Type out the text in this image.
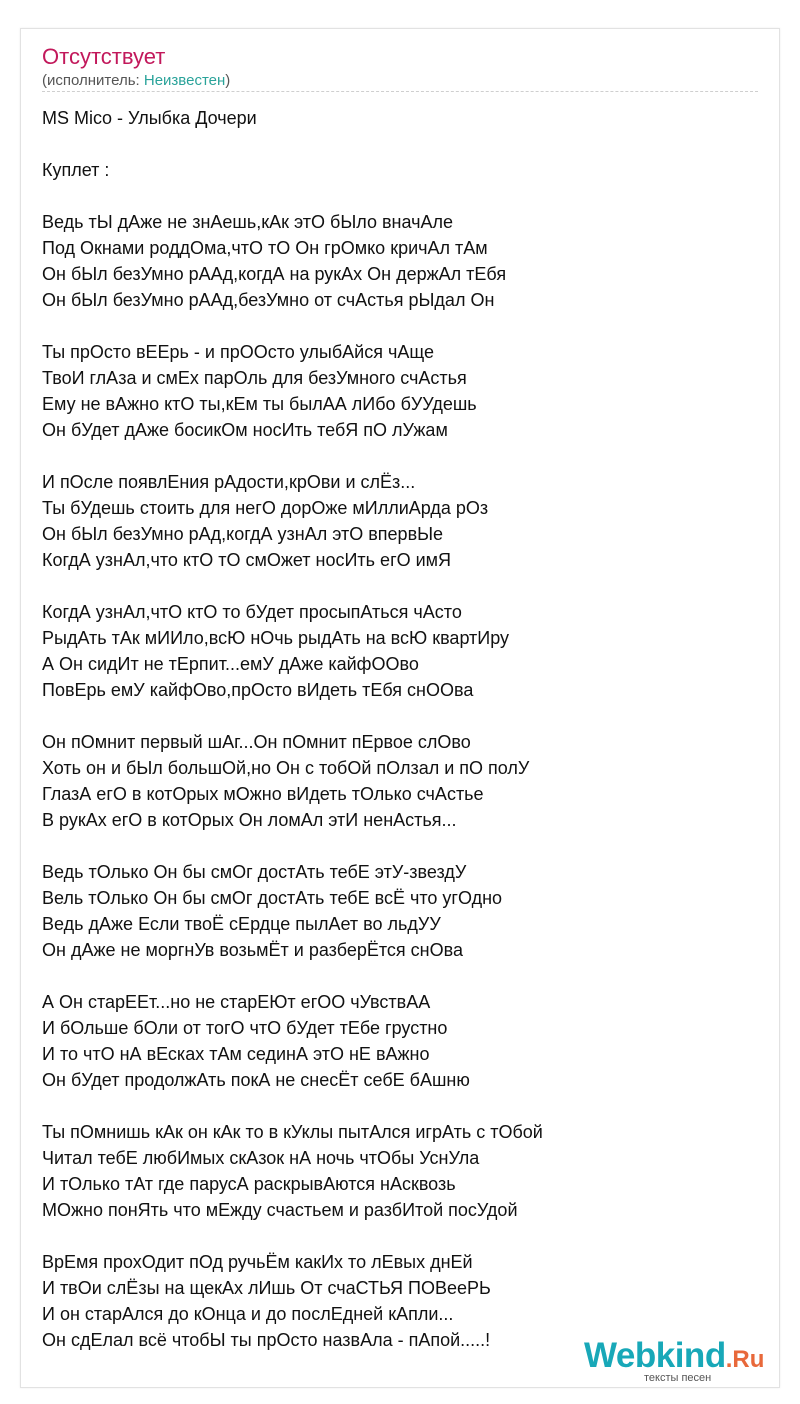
Отсутствует
(исполнитель: Неизвестен)
MS Mico - Улыбка Дочери
Куплет :
Ведь тЫ дАже не знАешь,кАк этО бЫло вначАле
Под Окнами роддОма,чтО тО Он грОмко кричАл тАм
Он бЫл безУмно рААд,когдА на рукАх Он держАл тЕбя
Он бЫл безУмно рААд,безУмно от счАстья рЫдал Он
Ты прОсто вЕЕрь - и прООсто улыбАйся чАще
ТвоИ глАза и смЕх парОль для безУмного счАстья
Ему не вАжно ктО ты,кЕм ты былАА лИбо бУУдешь
Он бУдет дАже босикОм носИть тебЯ пО лУжам
И пОсле появлЕния рАдости,крОви и слЁз...
Ты бУдешь стоить для негО дорОже мИллиАрда рОз
Он бЫл безУмно рАд,когдА узнАл этО впервЫе
КогдА узнАл,что ктО тО смОжет носИть егО имЯ
КогдА узнАл,чтО ктО то бУдет просыпАться чАсто
РыдАть тАк мИИло,всЮ нОчь рыдАть на всЮ квартИру
А Он сидИт не тЕрпит...емУ дАже кайфООво
ПовЕрь емУ кайфОво,прОсто вИдеть тЕбя снООва
Он пОмнит первый шАг...Он пОмнит пЕрвое слОво
Хоть он и бЫл большОй,но Он с тобОй пОлзал и пО полУ
ГлазА егО в котОрых мОжно вИдеть тОлько счАстье
В рукАх егО в котОрых Он ломАл этИ ненАстья...
Ведь тОлько Он бы смОг достАть тебЕ этУ-звездУ
Вель тОлько Он бы смОг достАть тебЕ всЁ что угОдно
Ведь дАже Если твоЁ сЕрдце пылАет во льдУУ
Он дАже не моргнУв возьмЁт и разберЁтся снОва
А Он старЕЕт...но не старЕЮт егОО чУвствАА
И бОльше бОли от тогО чтО бУдет тЕбе грустно
И то чтО нА вЕсках тАм сединА этО нЕ вАжно
Он бУдет продолжАть покА не снесЁт себЕ бАшню
Ты пОмнишь кАк он кАк то в кУклы пытАлся игрАть с тОбой
Читал тебЕ любИмых скАзок нА ночь чтОбы УснУла
И тОлько тАт где парусА раскрывАются нАсквозь
МОжно понЯть что мЕжду счастьем и разбИтой посУдой
ВрЕмя прохОдит пОд ручьЁм какИх то лЕвых днЕй
И твОи слЁзы на щекАх лИшь От счаСТЬЯ ПОВееРЬ
И он старАлся до кОнца и до послЕдней кАпли...
Он сдЕлал всё чтобЫ ты прОсто назвАла - пАпой.....!	Webkind.Ru
тексты песен
